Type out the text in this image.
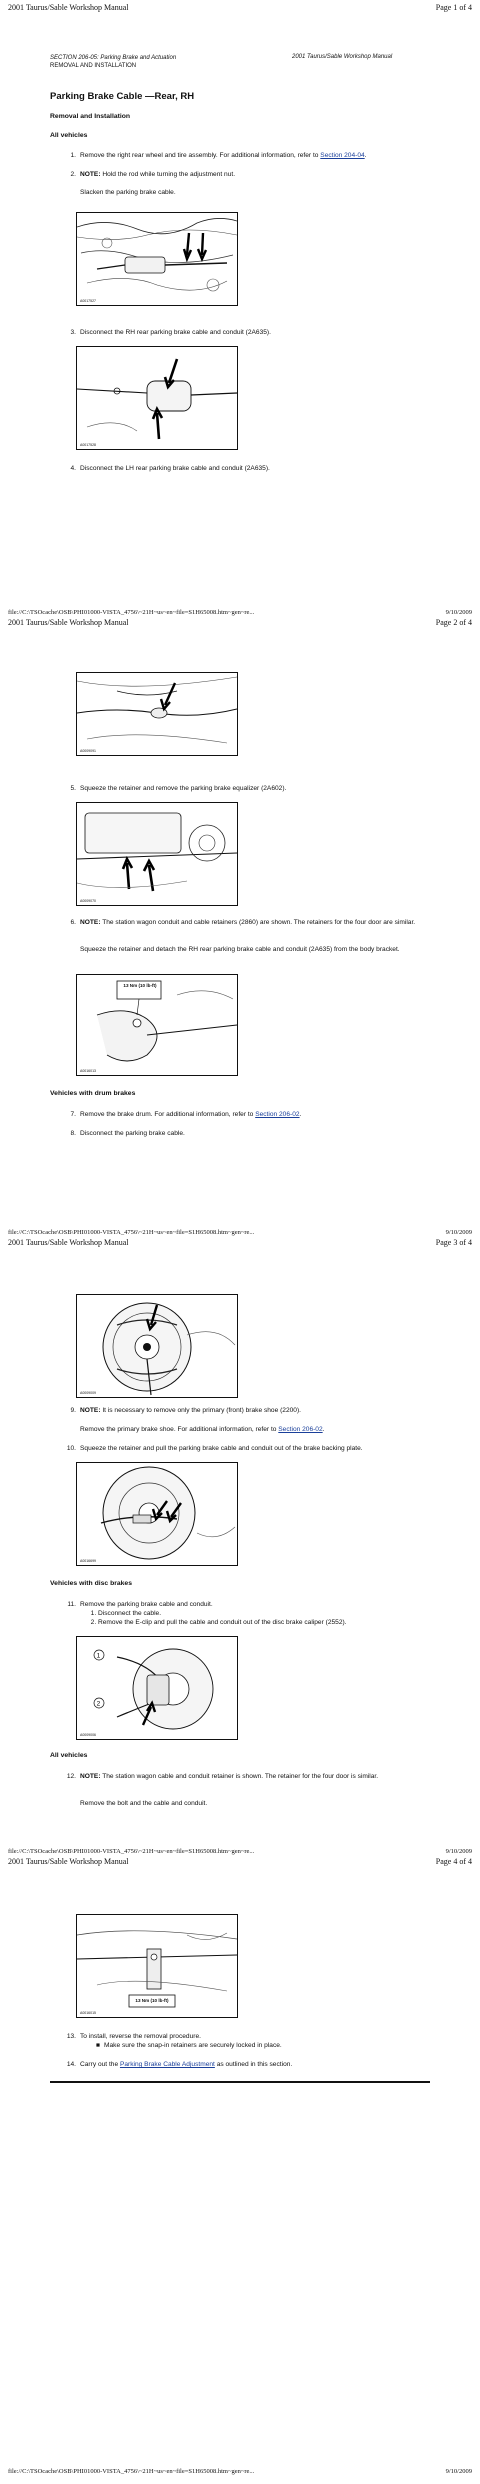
2001 Taurus/Sable Workshop Manual	Page 1 of 4
SECTION 206-05: Parking Brake and Actuation
REMOVAL AND INSTALLATION
2001 Taurus/Sable Workshop Manual
Parking Brake Cable —Rear, RH
Removal and Installation
All vehicles
1. Remove the right rear wheel and tire assembly. For additional information, refer to Section 204-04.
2. NOTE: Hold the rod while turning the adjustment nut.
Slacken the parking brake cable.
A0017527
3. Disconnect the RH rear parking brake cable and conduit (2A635).
A0017528
4. Disconnect the LH rear parking brake cable and conduit (2A635).
file://C:\TSOcache\OSB\PHI01000-VISTA_4756\~21H~us~en~file=S1H65008.htm~gen~re...	9/10/2009
2001 Taurus/Sable Workshop Manual	Page 2 of 4
A0009091
5. Squeeze the retainer and remove the parking brake equalizer (2A602).
A0009070
6. NOTE: The station wagon conduit and cable retainers (2860) are shown. The retainers for the four door are similar.
Squeeze the retainer and detach the RH rear parking brake cable and conduit (2A635) from the body bracket.
13 Nm (10 lb-ft)
A0016013
Vehicles with drum brakes
7. Remove the brake drum. For additional information, refer to Section 206-02.
8. Disconnect the parking brake cable.
file://C:\TSOcache\OSB\PHI01000-VISTA_4756\~21H~us~en~file=S1H65008.htm~gen~re...	9/10/2009
2001 Taurus/Sable Workshop Manual	Page 3 of 4
A0009009
9. NOTE: It is necessary to remove only the primary (front) brake shoe (2200).
Remove the primary brake shoe. For additional information, refer to Section 206-02.
10. Squeeze the retainer and pull the parking brake cable and conduit out of the brake backing plate.
A0016699
Vehicles with disc brakes
11. Remove the parking brake cable and conduit.
1. Disconnect the cable.
2. Remove the E-clip and pull the cable and conduit out of the disc brake caliper (2552).
1
2
A0009006
All vehicles
12. NOTE: The station wagon cable and conduit retainer is shown. The retainer for the four door is similar.
Remove the bolt and the cable and conduit.
file://C:\TSOcache\OSB\PHI01000-VISTA_4756\~21H~us~en~file=S1H65008.htm~gen~re...	9/10/2009
2001 Taurus/Sable Workshop Manual	Page 4 of 4
13 Nm (10 lb-ft)
A0016015
13. To install, reverse the removal procedure.
■ Make sure the snap-in retainers are securely locked in place.
14. Carry out the Parking Brake Cable Adjustment as outlined in this section.
file://C:\TSOcache\OSB\PHI01000-VISTA_4756\~21H~us~en~file=S1H65008.htm~gen~re...	9/10/2009
